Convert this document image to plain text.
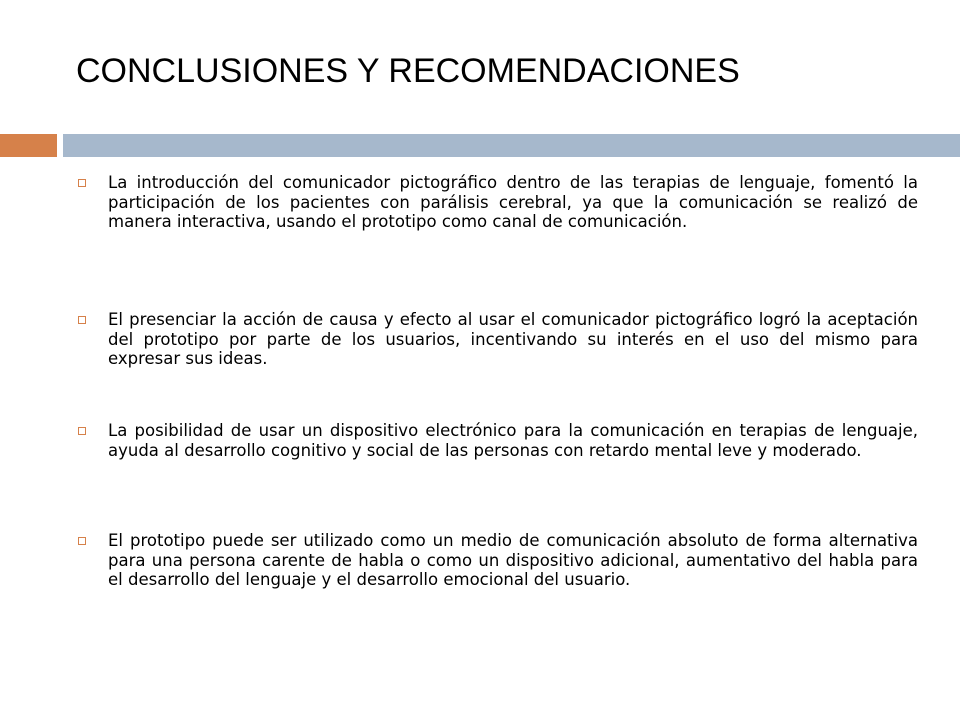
CONCLUSIONES Y RECOMENDACIONES

La introducción del comunicador pictográfico dentro de las terapias de lenguaje, fomentó la participación de los pacientes con parálisis cerebral, ya que la comunicación se realizó de manera interactiva, usando el prototipo como canal de comunicación.

El presenciar la acción de causa y efecto al usar el comunicador pictográfico logró la aceptación del prototipo por parte de los usuarios, incentivando su interés en el uso del mismo para expresar sus ideas.

La posibilidad de usar un dispositivo electrónico para la comunicación en terapias de lenguaje, ayuda al desarrollo cognitivo y social de las personas con retardo mental leve y moderado.

El prototipo puede ser utilizado como un medio de comunicación absoluto de forma alternativa para una persona carente de habla o como un dispositivo adicional, aumentativo del habla para el desarrollo del lenguaje y el desarrollo emocional del usuario.
